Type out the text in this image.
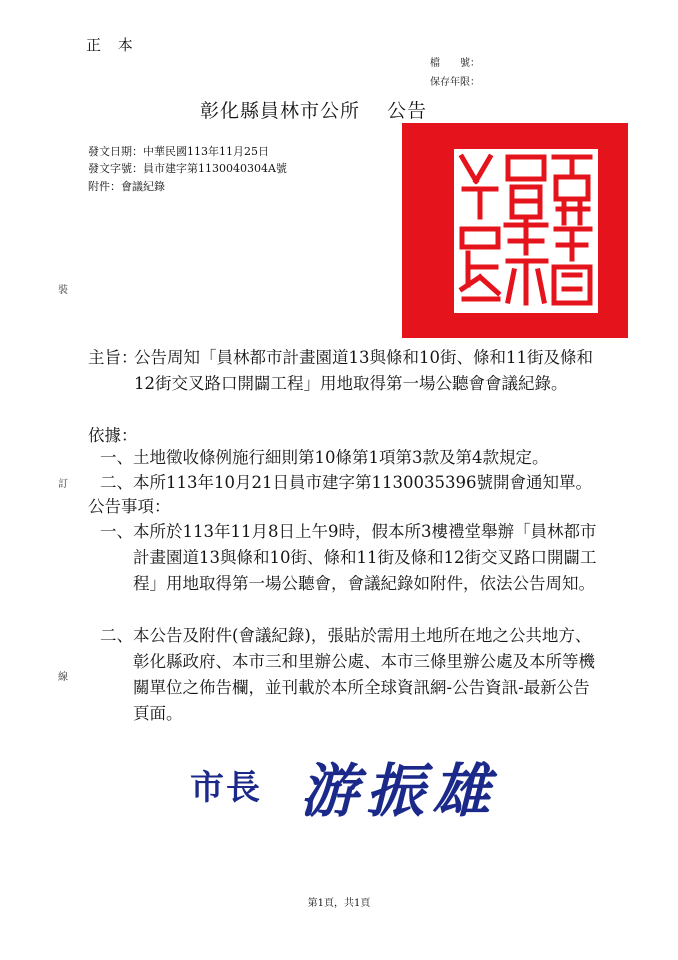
正 本
檔　　號：
保存年限：
彰化縣員林市公所　 公告
發文日期：中華民國113年11月25日
發文字號：員市建字第1130040304A號
附件：會議紀錄
裝
訂
線
主旨：
公告周知「員林都市計畫園道13與條和10街、條和11街及條和12街交叉路口開闢工程」用地取得第一場公聽會會議紀錄。
依據：
一、 土地徵收條例施行細則第10條第1項第3款及第4款規定。
二、 本所113年10月21日員市建字第1130035396號開會通知單。
公告事項：
一、 本所於113年11月8日上午9時，假本所3樓禮堂舉辦「員林都市計畫園道13與條和10街、條和11街及條和12街交叉路口開闢工程」用地取得第一場公聽會，會議紀錄如附件，依法公告周知。
二、 本公告及附件(會議紀錄)，張貼於需用土地所在地之公共地方、彰化縣政府、本市三和里辦公處、本市三條里辦公處及本所等機關單位之佈告欄，並刊載於本所全球資訊網-公告資訊-最新公告頁面。
市長 游振雄
第1頁，共1頁
